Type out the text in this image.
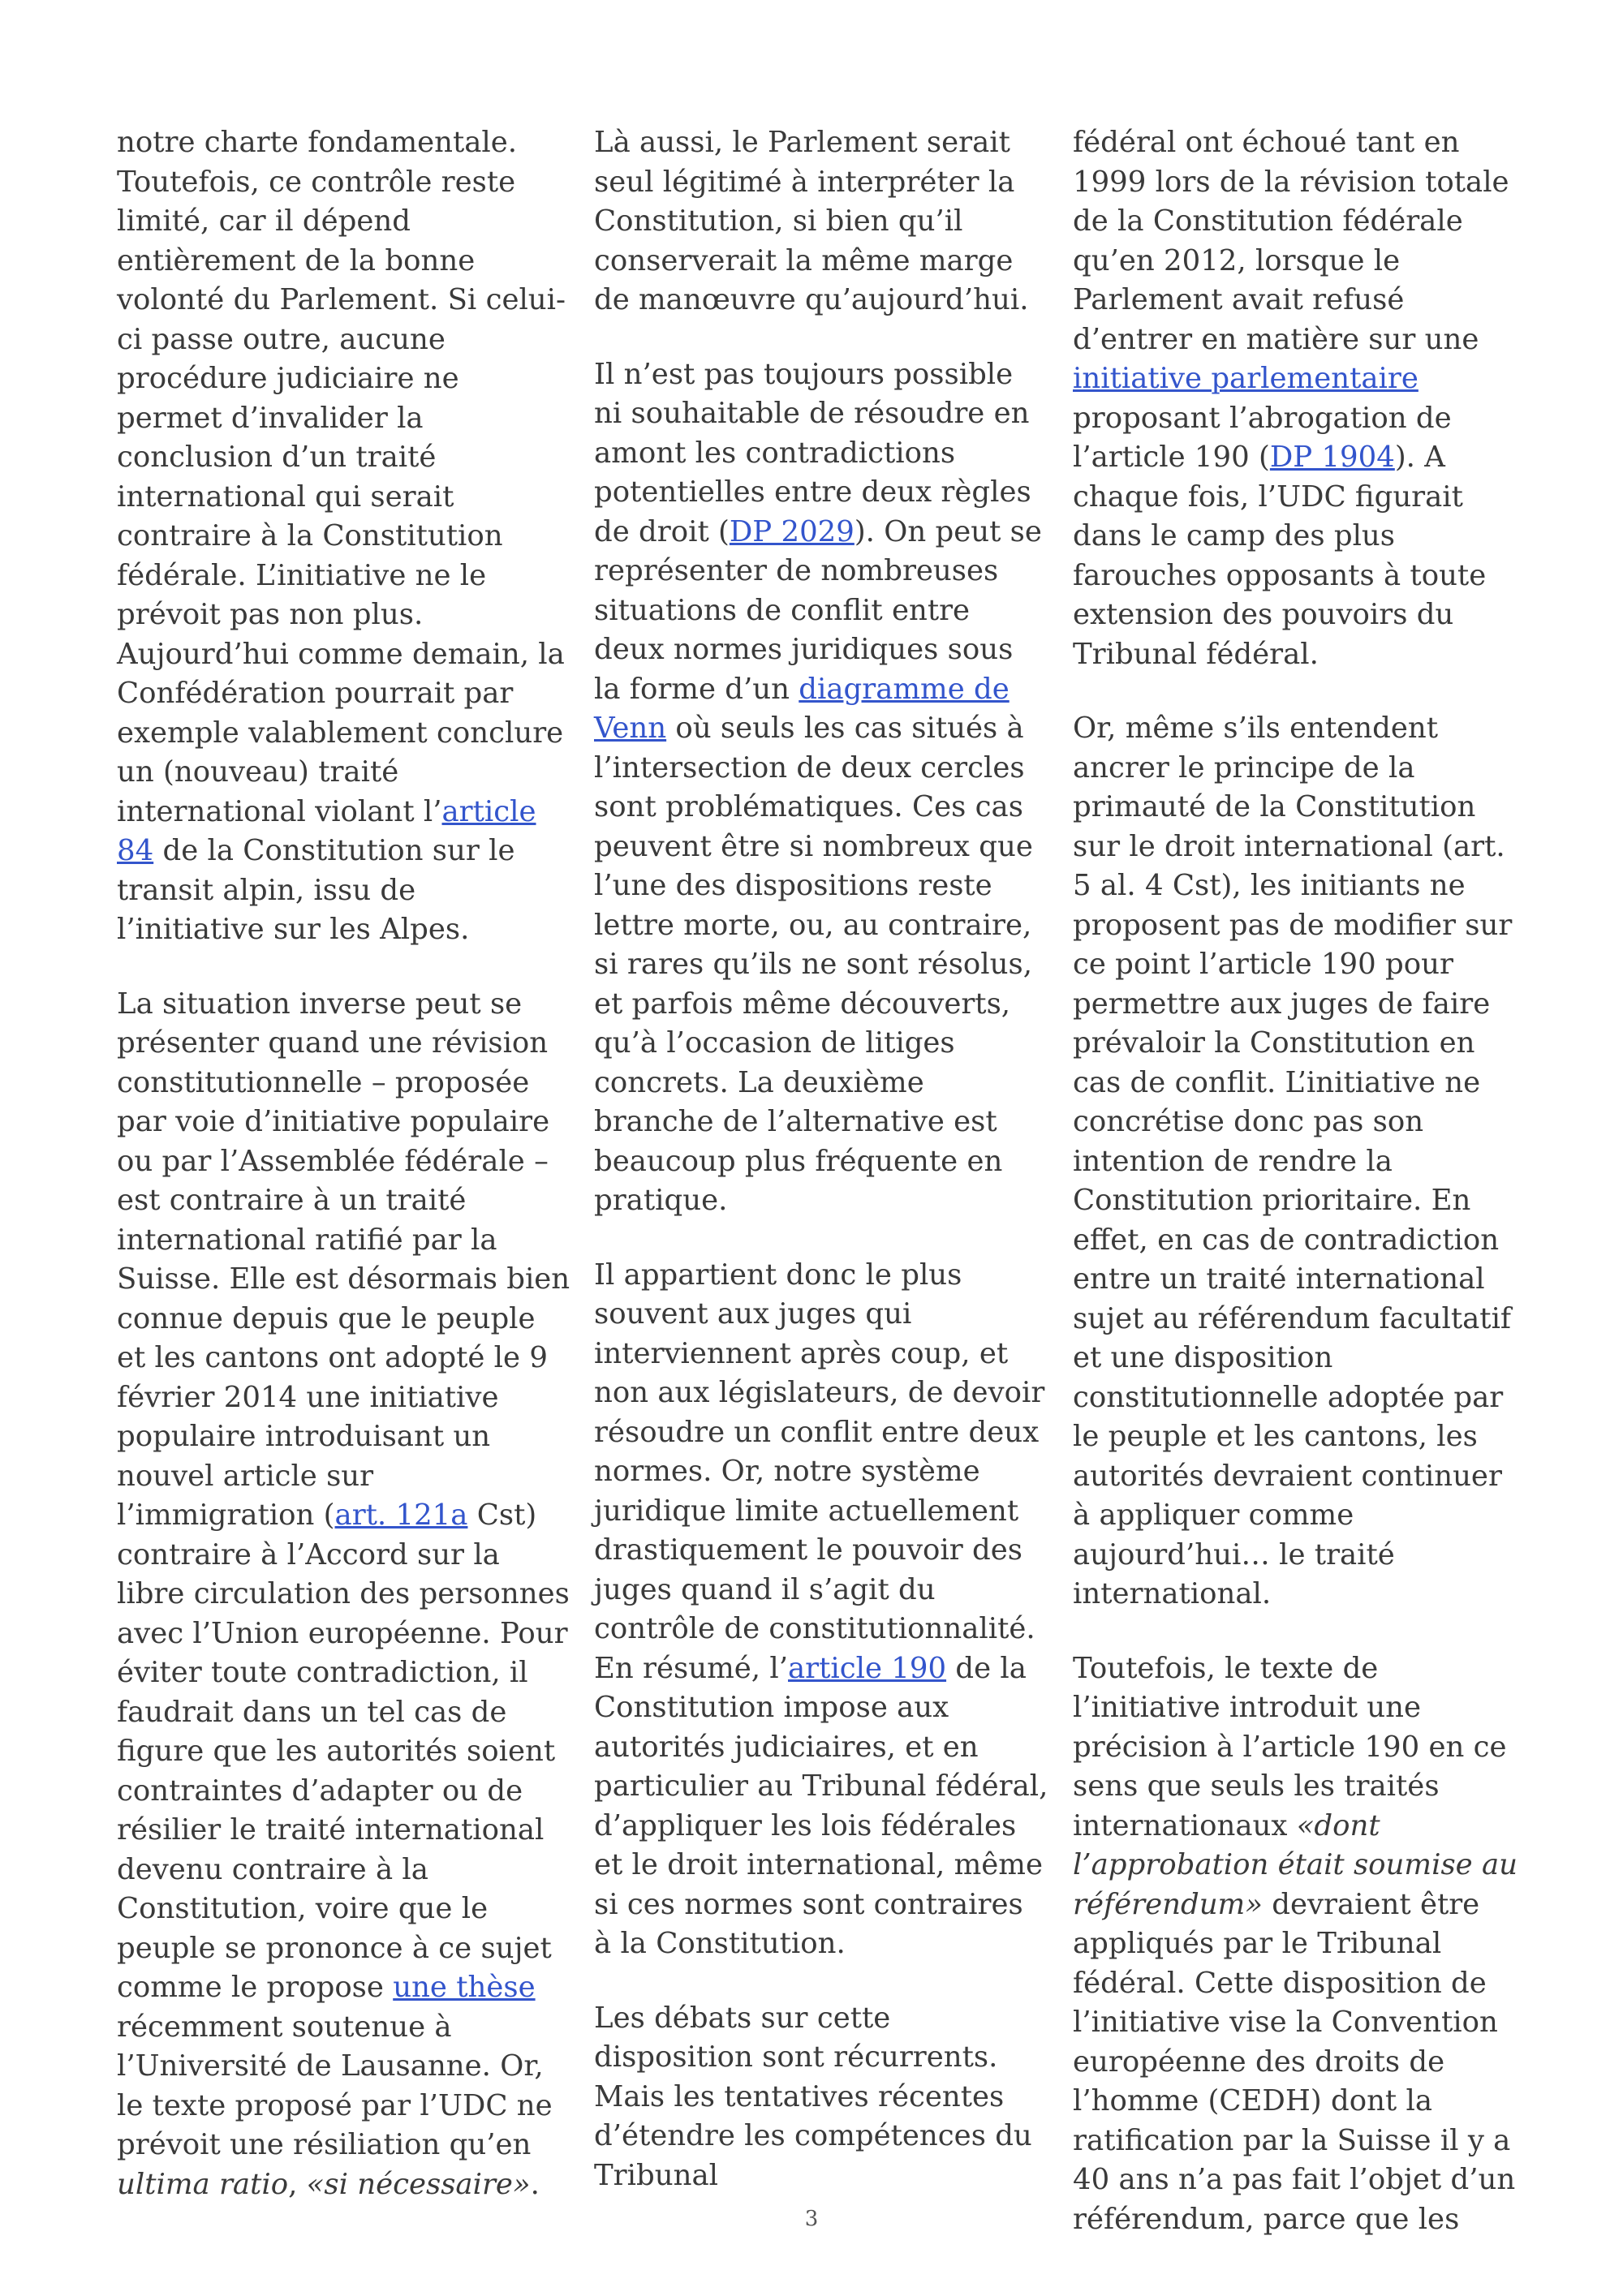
notre charte fondamentale. Toutefois, ce contrôle reste limité, car il dépend entièrement de la bonne volonté du Parlement. Si celui-ci passe outre, aucune procédure judiciaire ne permet d’invalider la conclusion d’un traité international qui serait contraire à la Constitution fédérale. L’initiative ne le prévoit pas non plus. Aujourd’hui comme demain, la Confédération pourrait par exemple valablement conclure un (nouveau) traité international violant l’article 84 de la Constitution sur le transit alpin, issu de l’initiative sur les Alpes.

La situation inverse peut se présenter quand une révision constitutionnelle – proposée par voie d’initiative populaire ou par l’Assemblée fédérale – est contraire à un traité international ratifié par la Suisse. Elle est désormais bien connue depuis que le peuple et les cantons ont adopté le 9 février 2014 une initiative populaire introduisant un nouvel article sur l’immigration (art. 121a Cst) contraire à l’Accord sur la libre circulation des personnes avec l’Union européenne. Pour éviter toute contradiction, il faudrait dans un tel cas de figure que les autorités soient contraintes d’adapter ou de résilier le traité international devenu contraire à la Constitution, voire que le peuple se prononce à ce sujet comme le propose une thèse récemment soutenue à l’Université de Lausanne. Or, le texte proposé par l’UDC ne prévoit une résiliation qu’en ultima ratio, «si nécessaire».

Là aussi, le Parlement serait seul légitimé à interpréter la Constitution, si bien qu’il conserverait la même marge de manœuvre qu’aujourd’hui.

Il n’est pas toujours possible ni souhaitable de résoudre en amont les contradictions potentielles entre deux règles de droit (DP 2029). On peut se représenter de nombreuses situations de conflit entre deux normes juridiques sous la forme d’un diagramme de Venn où seuls les cas situés à l’intersection de deux cercles sont problématiques. Ces cas peuvent être si nombreux que l’une des dispositions reste lettre morte, ou, au contraire, si rares qu’ils ne sont résolus, et parfois même découverts, qu’à l’occasion de litiges concrets. La deuxième branche de l’alternative est beaucoup plus fréquente en pratique.

Il appartient donc le plus souvent aux juges qui interviennent après coup, et non aux législateurs, de devoir résoudre un conflit entre deux normes. Or, notre système juridique limite actuellement drastiquement le pouvoir des juges quand il s’agit du contrôle de constitutionnalité. En résumé, l’article 190 de la Constitution impose aux autorités judiciaires, et en particulier au Tribunal fédéral, d’appliquer les lois fédérales et le droit international, même si ces normes sont contraires à la Constitution.

Les débats sur cette disposition sont récurrents. Mais les tentatives récentes d’étendre les compétences du Tribunal

fédéral ont échoué tant en 1999 lors de la révision totale de la Constitution fédérale qu’en 2012, lorsque le Parlement avait refusé d’entrer en matière sur une initiative parlementaire proposant l’abrogation de l’article 190 (DP 1904). A chaque fois, l’UDC figurait dans le camp des plus farouches opposants à toute extension des pouvoirs du Tribunal fédéral.

Or, même s’ils entendent ancrer le principe de la primauté de la Constitution sur le droit international (art. 5 al. 4 Cst), les initiants ne proposent pas de modifier sur ce point l’article 190 pour permettre aux juges de faire prévaloir la Constitution en cas de conflit. L’initiative ne concrétise donc pas son intention de rendre la Constitution prioritaire. En effet, en cas de contradiction entre un traité international sujet au référendum facultatif et une disposition constitutionnelle adoptée par le peuple et les cantons, les autorités devraient continuer à appliquer comme aujourd’hui… le traité international.

Toutefois, le texte de l’initiative introduit une précision à l’article 190 en ce sens que seuls les traités internationaux «dont l’approbation était soumise au référendum» devraient être appliqués par le Tribunal fédéral. Cette disposition de l’initiative vise la Convention européenne des droits de l’homme (CEDH) dont la ratification par la Suisse il y a 40 ans n’a pas fait l’objet d’un référendum, parce que les

3
